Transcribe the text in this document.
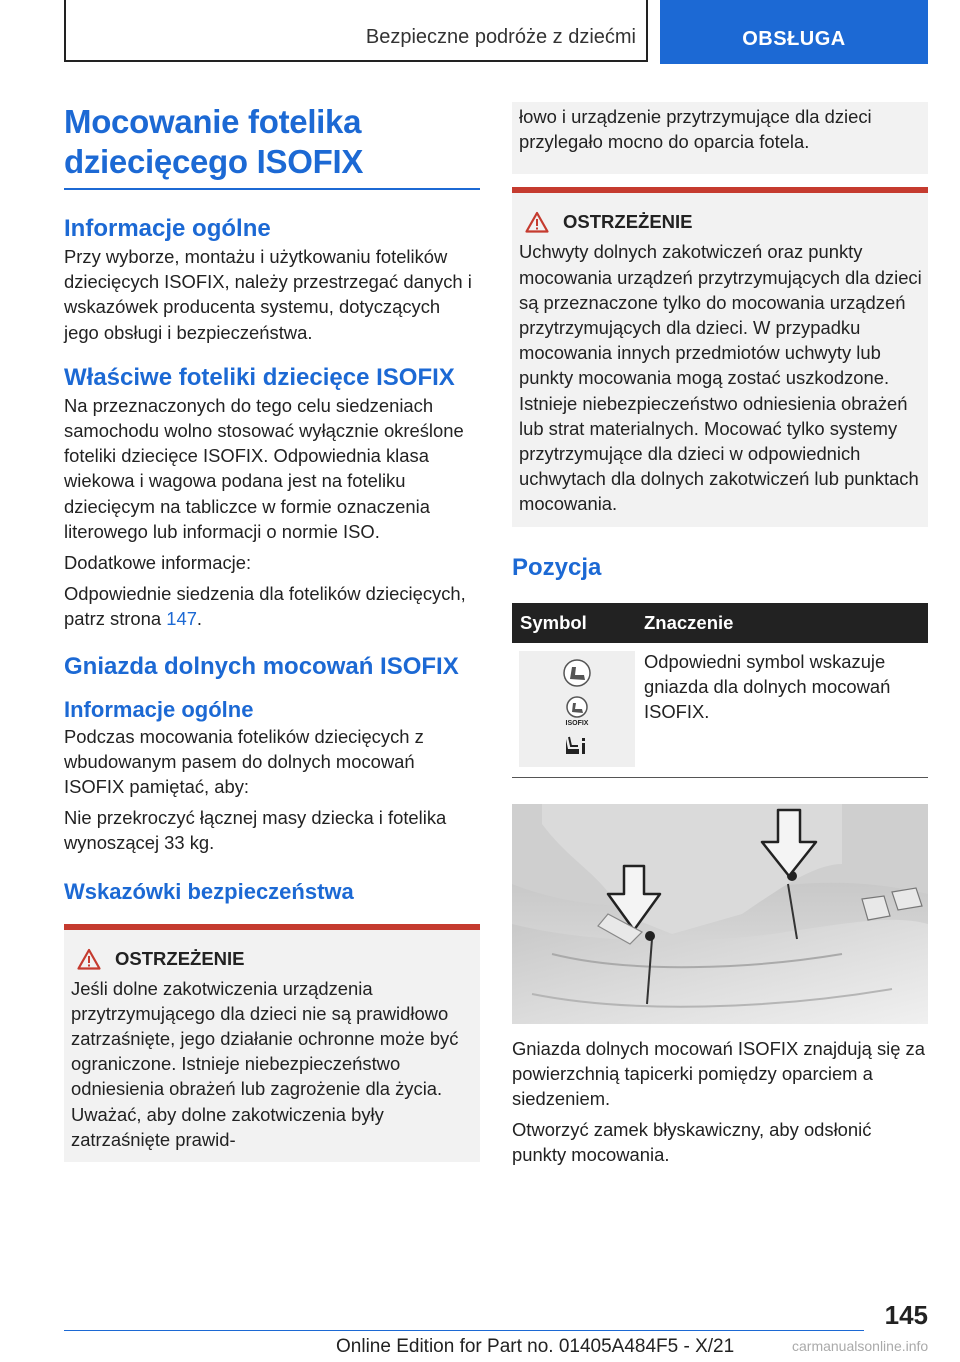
Bezpieczne podróże z dziećmi	OBSŁUGA
Mocowanie fotelika dziecięcego ISOFIX
Informacje ogólne

Przy wyborze, montażu i użytkowaniu fotelików dziecięcych ISOFIX, należy przestrzegać danych i wskazówek producenta systemu, dotyczących jego obsługi i bezpieczeństwa.

Właściwe foteliki dziecięce ISOFIX

Na przeznaczonych do tego celu siedzeniach samochodu wolno stosować wyłącznie określone foteliki dziecięce ISOFIX. Odpowiednia klasa wiekowa i wagowa podana jest na foteliku dziecięcym na tabliczce w formie oznaczenia literowego lub informacji o normie ISO.

Dodatkowe informacje:

Odpowiednie siedzenia dla fotelików dziecięcych, patrz strona 147.

Gniazda dolnych mocowań ISOFIX
Informacje ogólne

Podczas mocowania fotelików dziecięcych z wbudowanym pasem do dolnych mocowań ISOFIX pamiętać, aby:

Nie przekroczyć łącznej masy dziecka i fotelika wynoszącej 33 kg.

Wskazówki bezpieczeństwa
OSTRZEŻENIE

Jeśli dolne zakotwiczenia urządzenia przytrzymującego dla dzieci nie są prawidłowo zatrzaśnięte, jego działanie ochronne może być ograniczone. Istnieje niebezpieczeństwo odniesienia obrażeń lub zagrożenie dla życia. Uważać, aby dolne zakotwiczenia były zatrzaśnięte prawid-

łowo i urządzenie przytrzymujące dla dzieci przylegało mocno do oparcia fotela.

OSTRZEŻENIE

Uchwyty dolnych zakotwiczeń oraz punkty mocowania urządzeń przytrzymujących dla dzieci są przeznaczone tylko do mocowania urządzeń przytrzymujących dla dzieci. W przypadku mocowania innych przedmiotów uchwyty lub punkty mocowania mogą zostać uszkodzone. Istnieje niebezpieczeństwo odniesienia obrażeń lub strat materialnych. Mocować tylko systemy przytrzymujące dla dzieci w odpowiednich uchwytach dla dolnych zakotwiczeń lub punktach mocowania.

Pozycja
Symbol	Znaczenie
ISOFIX

Odpowiedni symbol wskazuje gniazda dla dolnych mocowań ISOFIX.

Gniazda dolnych mocowań ISOFIX znajdują się za powierzchnią tapicerki pomiędzy oparciem a siedzeniem.

Otworzyć zamek błyskawiczny, aby odsłonić punkty mocowania.

145
Online Edition for Part no. 01405A484F5 - X/21	carmanualsonline.info
